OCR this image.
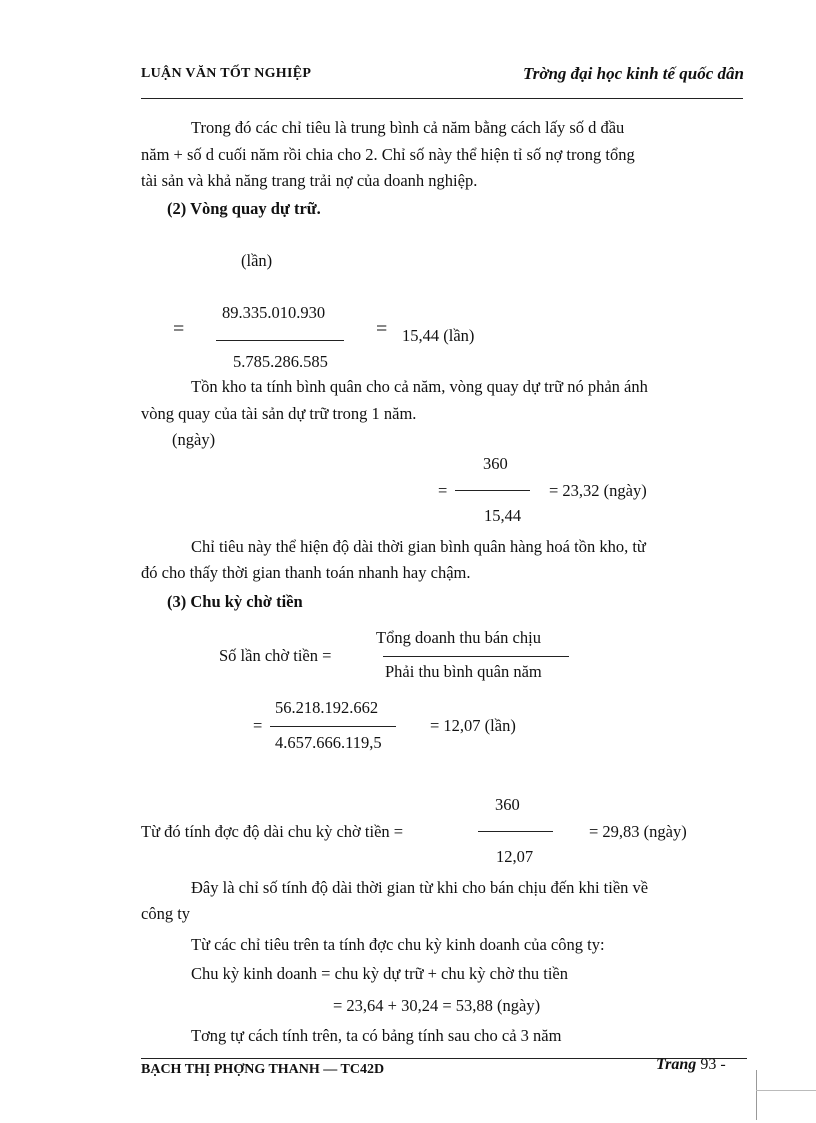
LUẬN VĂN TỐT NGHIỆP	Trờng đại học kinh tế quốc dân
Trong đó các chỉ tiêu là trung bình cả năm bằng cách lấy số d đầu
năm + số d cuối năm rồi chia cho 2. Chỉ số này thể hiện tỉ số nợ trong tổng
tài sản và khả năng trang trải nợ của doanh nghiệp.
(2) Vòng quay dự trữ.
(lần)
89.335.010.930
=	= 15,44 (lần)
5.785.286.585
Tồn kho ta tính bình quân cho cả năm, vòng quay dự trữ nó phản ánh
vòng quay của tài sản dự trữ trong 1 năm.
(ngày)
360
=	= 23,32 (ngày)
15,44
Chỉ tiêu này thể hiện độ dài thời gian bình quân hàng hoá tồn kho, từ
đó cho thấy thời gian thanh toán nhanh hay chậm.
(3) Chu kỳ chờ tiền
Tổng doanh thu bán chịu
Số lần chờ tiền =
Phải thu bình quân năm
56.218.192.662
=	= 12,07 (lần)
4.657.666.119,5
360
Từ đó tính đợc độ dài chu kỳ chờ tiền =	= 29,83 (ngày)
12,07
Đây là chỉ số tính độ dài thời gian từ khi cho bán chịu đến khi tiền về
công ty
Từ các chỉ tiêu trên ta tính đợc chu kỳ kinh doanh của công ty:
Chu kỳ kinh doanh = chu kỳ dự trữ + chu kỳ chờ thu tiền
= 23,64 + 30,24 = 53,88 (ngày)
Tơng tự cách tính trên, ta có bảng tính sau cho cả 3 năm
BẠCH THỊ PHỢNG THANH — TC42D	Trang 93 -
